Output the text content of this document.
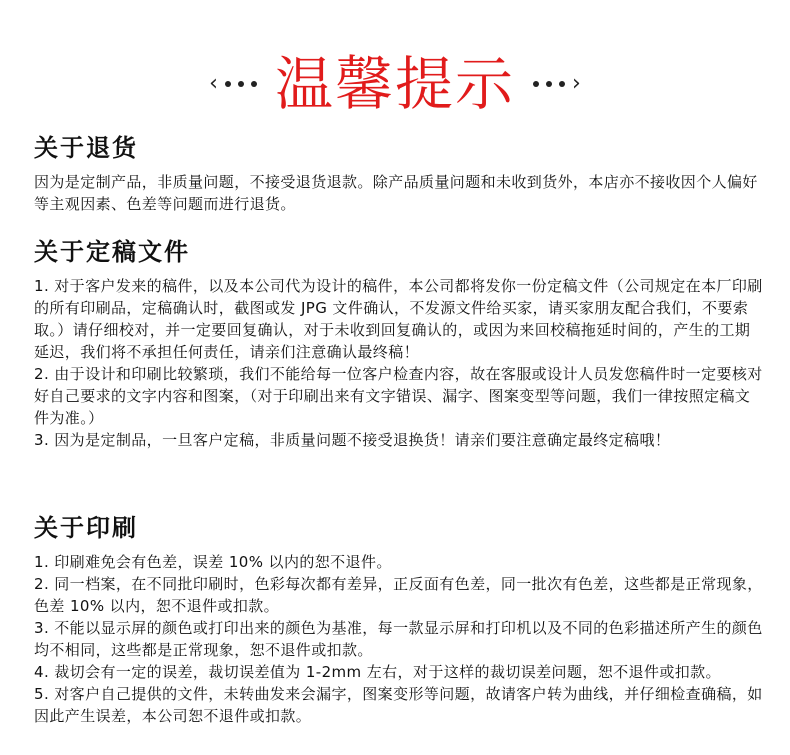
‹ 温馨提示	›
关于退货

因为是定制产品，非质量问题，不接受退货退款。除产品质量问题和未收到货外，本店亦不接收因个人偏好等主观因素、色差等问题而进行退货。

关于定稿文件

1. 对于客户发来的稿件，以及本公司代为设计的稿件，本公司都将发你一份定稿文件（公司规定在本厂印刷的所有印刷品，定稿确认时，截图或发 JPG 文件确认，不发源文件给买家，请买家朋友配合我们，不要索取。）请仔细校对，并一定要回复确认，对于未收到回复确认的，或因为来回校稿拖延时间的，产生的工期延迟，我们将不承担任何责任，请亲们注意确认最终稿！

2. 由于设计和印刷比较繁琐，我们不能给每一位客户检查内容，故在客服或设计人员发您稿件时一定要核对好自己要求的文字内容和图案，（对于印刷出来有文字错误、漏字、图案变型等问题，我们一律按照定稿文件为准。）

3. 因为是定制品，一旦客户定稿，非质量问题不接受退换货！请亲们要注意确定最终定稿哦！

关于印刷

1. 印刷难免会有色差，误差 10% 以内的恕不退件。

2. 同一档案，在不同批印刷时，色彩每次都有差异，正反面有色差，同一批次有色差，这些都是正常现象，色差 10% 以内，恕不退件或扣款。

3. 不能以显示屏的颜色或打印出来的颜色为基准，每一款显示屏和打印机以及不同的色彩描述所产生的颜色均不相同，这些都是正常现象，恕不退件或扣款。

4. 裁切会有一定的误差，裁切误差值为 1-2mm 左右，对于这样的裁切误差问题，恕不退件或扣款。

5. 对客户自己提供的文件，未转曲发来会漏字，图案变形等问题，故请客户转为曲线，并仔细检查确稿，如因此产生误差，本公司恕不退件或扣款。
